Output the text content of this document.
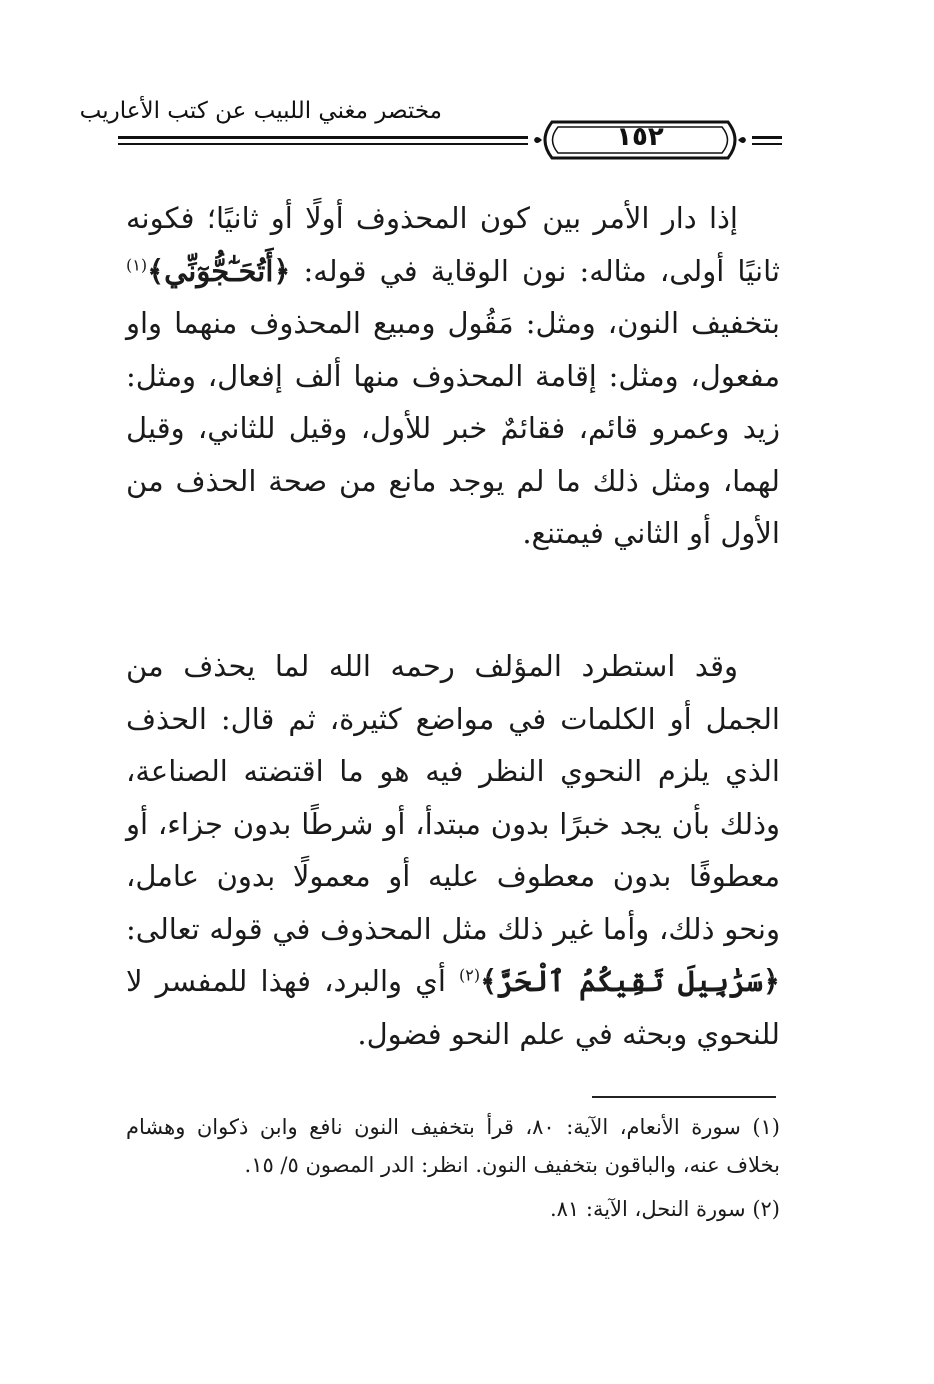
١٥٢
مختصر مغني اللبيب عن كتب الأعاريب
إذا دار الأمر بين كون المحذوف أولًا أو ثانيًا؛ فكونه ثانيًا أولى، مثاله: نون الوقاية في قوله: ﴿أَتُحَـٰٓجُّوٓنِّي﴾$^{(١)}$ بتخفيف النون، ومثل: مَقُول ومبيع المحذوف منهما واو مفعول، ومثل: إقامة المحذوف منها ألف إفعال، ومثل: زيد وعمرو قائم، فقائمٌ خبر للأول، وقيل للثاني، وقيل لهما، ومثل ذلك ما لم يوجد مانع من صحة الحذف من الأول أو الثاني فيمتنع.
وقد استطرد المؤلف رحمه الله لما يحذف من الجمل أو الكلمات في مواضع كثيرة، ثم قال: الحذف الذي يلزم النحوي النظر فيه هو ما اقتضته الصناعة، وذلك بأن يجد خبرًا بدون مبتدأ، أو شرطًا بدون جزاء، أو معطوفًا بدون معطوف عليه أو معمولًا بدون عامل، ونحو ذلك، وأما غير ذلك مثل المحذوف في قوله تعالى: ﴿سَرَٰبِيلَ تَقِيكُمُ ٱلْحَرَّ﴾$^{(٢)}$ أي والبرد، فهذا للمفسر لا للنحوي وبحثه في علم النحو فضول.
(١) سورة الأنعام، الآية: ٨٠، قرأ بتخفيف النون نافع وابن ذكوان وهشام بخلاف عنه، والباقون بتخفيف النون. انظر: الدر المصون ٥/ ١٥.
(٢) سورة النحل، الآية: ٨١.
